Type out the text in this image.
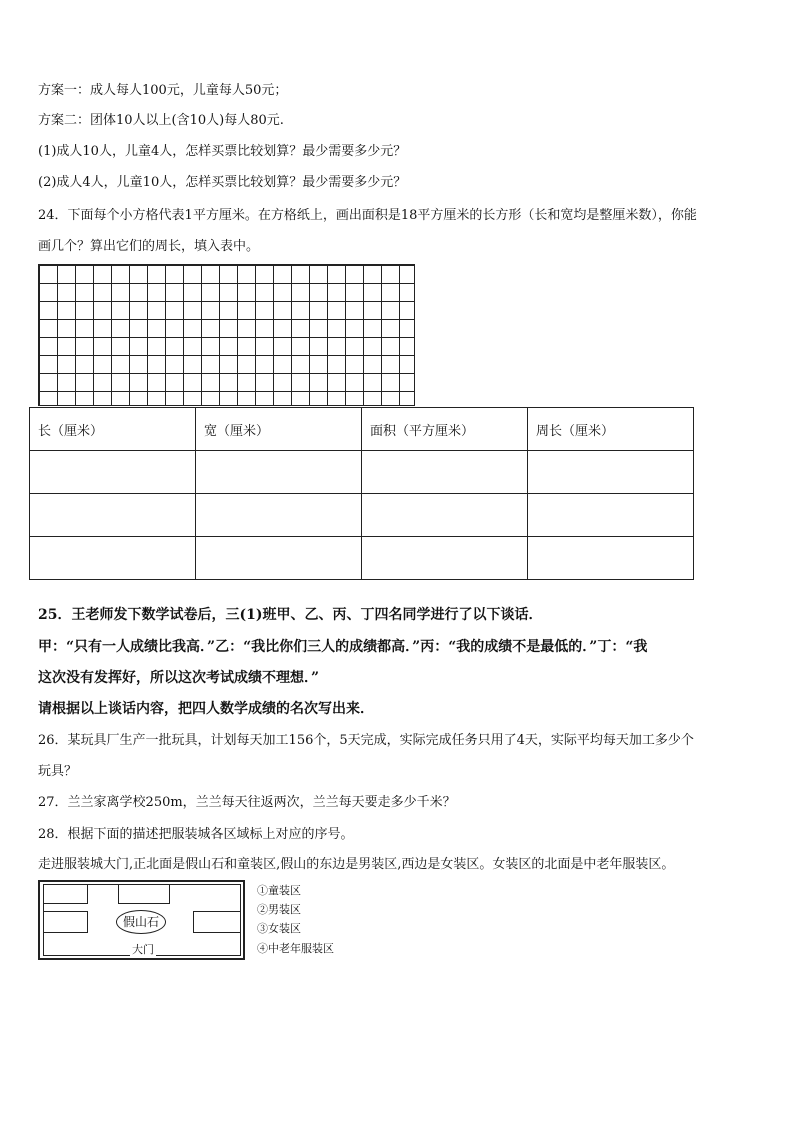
方案一：成人每人100元，儿童每人50元；
方案二：团体10人以上(含10人)每人80元.
(1)成人10人，儿童4人，怎样买票比较划算？最少需要多少元？
(2)成人4人，儿童10人，怎样买票比较划算？最少需要多少元？
24．下面每个小方格代表1平方厘米。在方格纸上，画出面积是18平方厘米的长方形（长和宽均是整厘米数），你能
画几个？算出它们的周长，填入表中。
长（厘米）	宽（厘米）	面积（平方厘米）	周长（厘米）

25．王老师发下数学试卷后，三(1)班甲、乙、丙、丁四名同学进行了以下谈话．
甲：“只有一人成绩比我高．”乙：“我比你们三人的成绩都高．”丙：“我的成绩不是最低的．”丁：“我
这次没有发挥好，所以这次考试成绩不理想．”
请根据以上谈话内容，把四人数学成绩的名次写出来．
26．某玩具厂生产一批玩具，计划每天加工156个，5天完成，实际完成任务只用了4天，实际平均每天加工多少个
玩具？
27．兰兰家离学校250m，兰兰每天往返两次，兰兰每天要走多少千米？
28．根据下面的描述把服装城各区域标上对应的序号。
走进服装城大门,正北面是假山石和童装区,假山的东边是男装区,西边是女装区。女装区的北面是中老年服装区。
假山石
大门
①童装区
②男装区
③女装区
④中老年服装区
